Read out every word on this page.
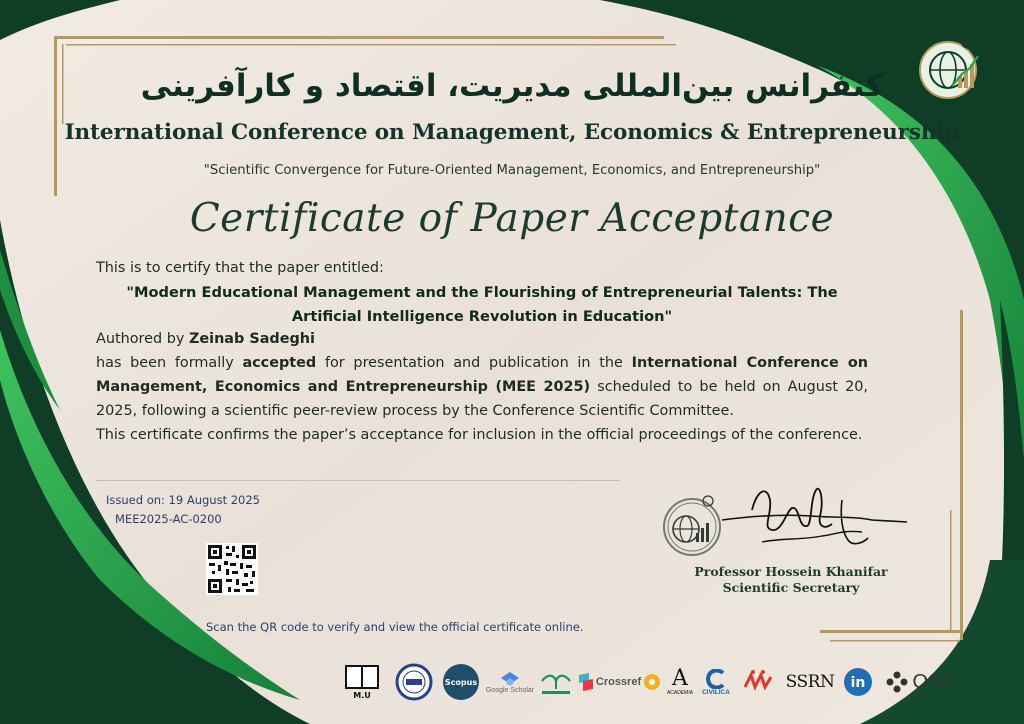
کنفرانس بین‌المللی مدیریت، اقتصاد و کارآفرینی
International Conference on Management, Economics & Entrepreneurship
"Scientific Convergence for Future-Oriented Management, Economics, and Entrepreneurship"
Certificate of Paper Acceptance

This is to certify that the paper entitled:

"Modern Educational Management and the Flourishing of Entrepreneurial Talents: The Artificial Intelligence Revolution in Education"

Authored by Zeinab Sadeghi

has been formally accepted for presentation and publication in the International Conference on Management, Economics and Entrepreneurship (MEE 2025) scheduled to be held on August 20, 2025, following a scientific peer-review process by the Conference Scientific Committee.

This certificate confirms the paper’s acceptance for inclusion in the official proceedings of the conference.

Issued on: 19 August 2025
MEE2025-AC-0200
Scan the QR code to verify and view the official certificate online.
Professor Hossein Khanifar
Scientific Secretary
M.U
Scopus
Google Scholar
Crossref A
ACADEMIA CIVILICA	SSRN in OSF
